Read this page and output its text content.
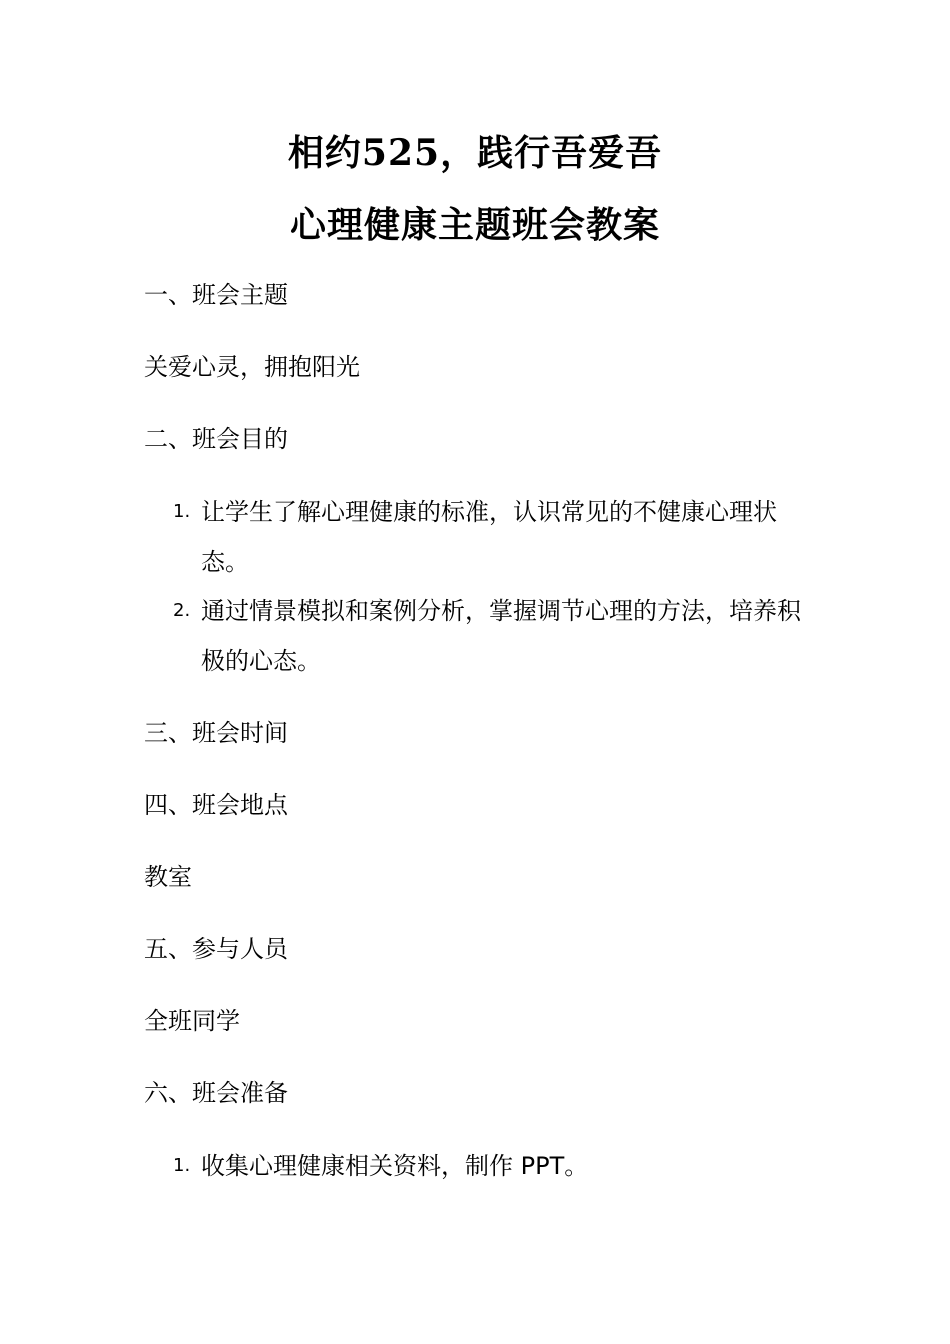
相约525，践行吾爱吾
心理健康主题班会教案
一、班会主题
关爱心灵，拥抱阳光
二、班会目的
1. 让学生了解心理健康的标准，认识常见的不健康心理状态。
2. 通过情景模拟和案例分析，掌握调节心理的方法，培养积极的心态。
三、班会时间
四、班会地点
教室
五、参与人员
全班同学
六、班会准备
1. 收集心理健康相关资料，制作 PPT。
